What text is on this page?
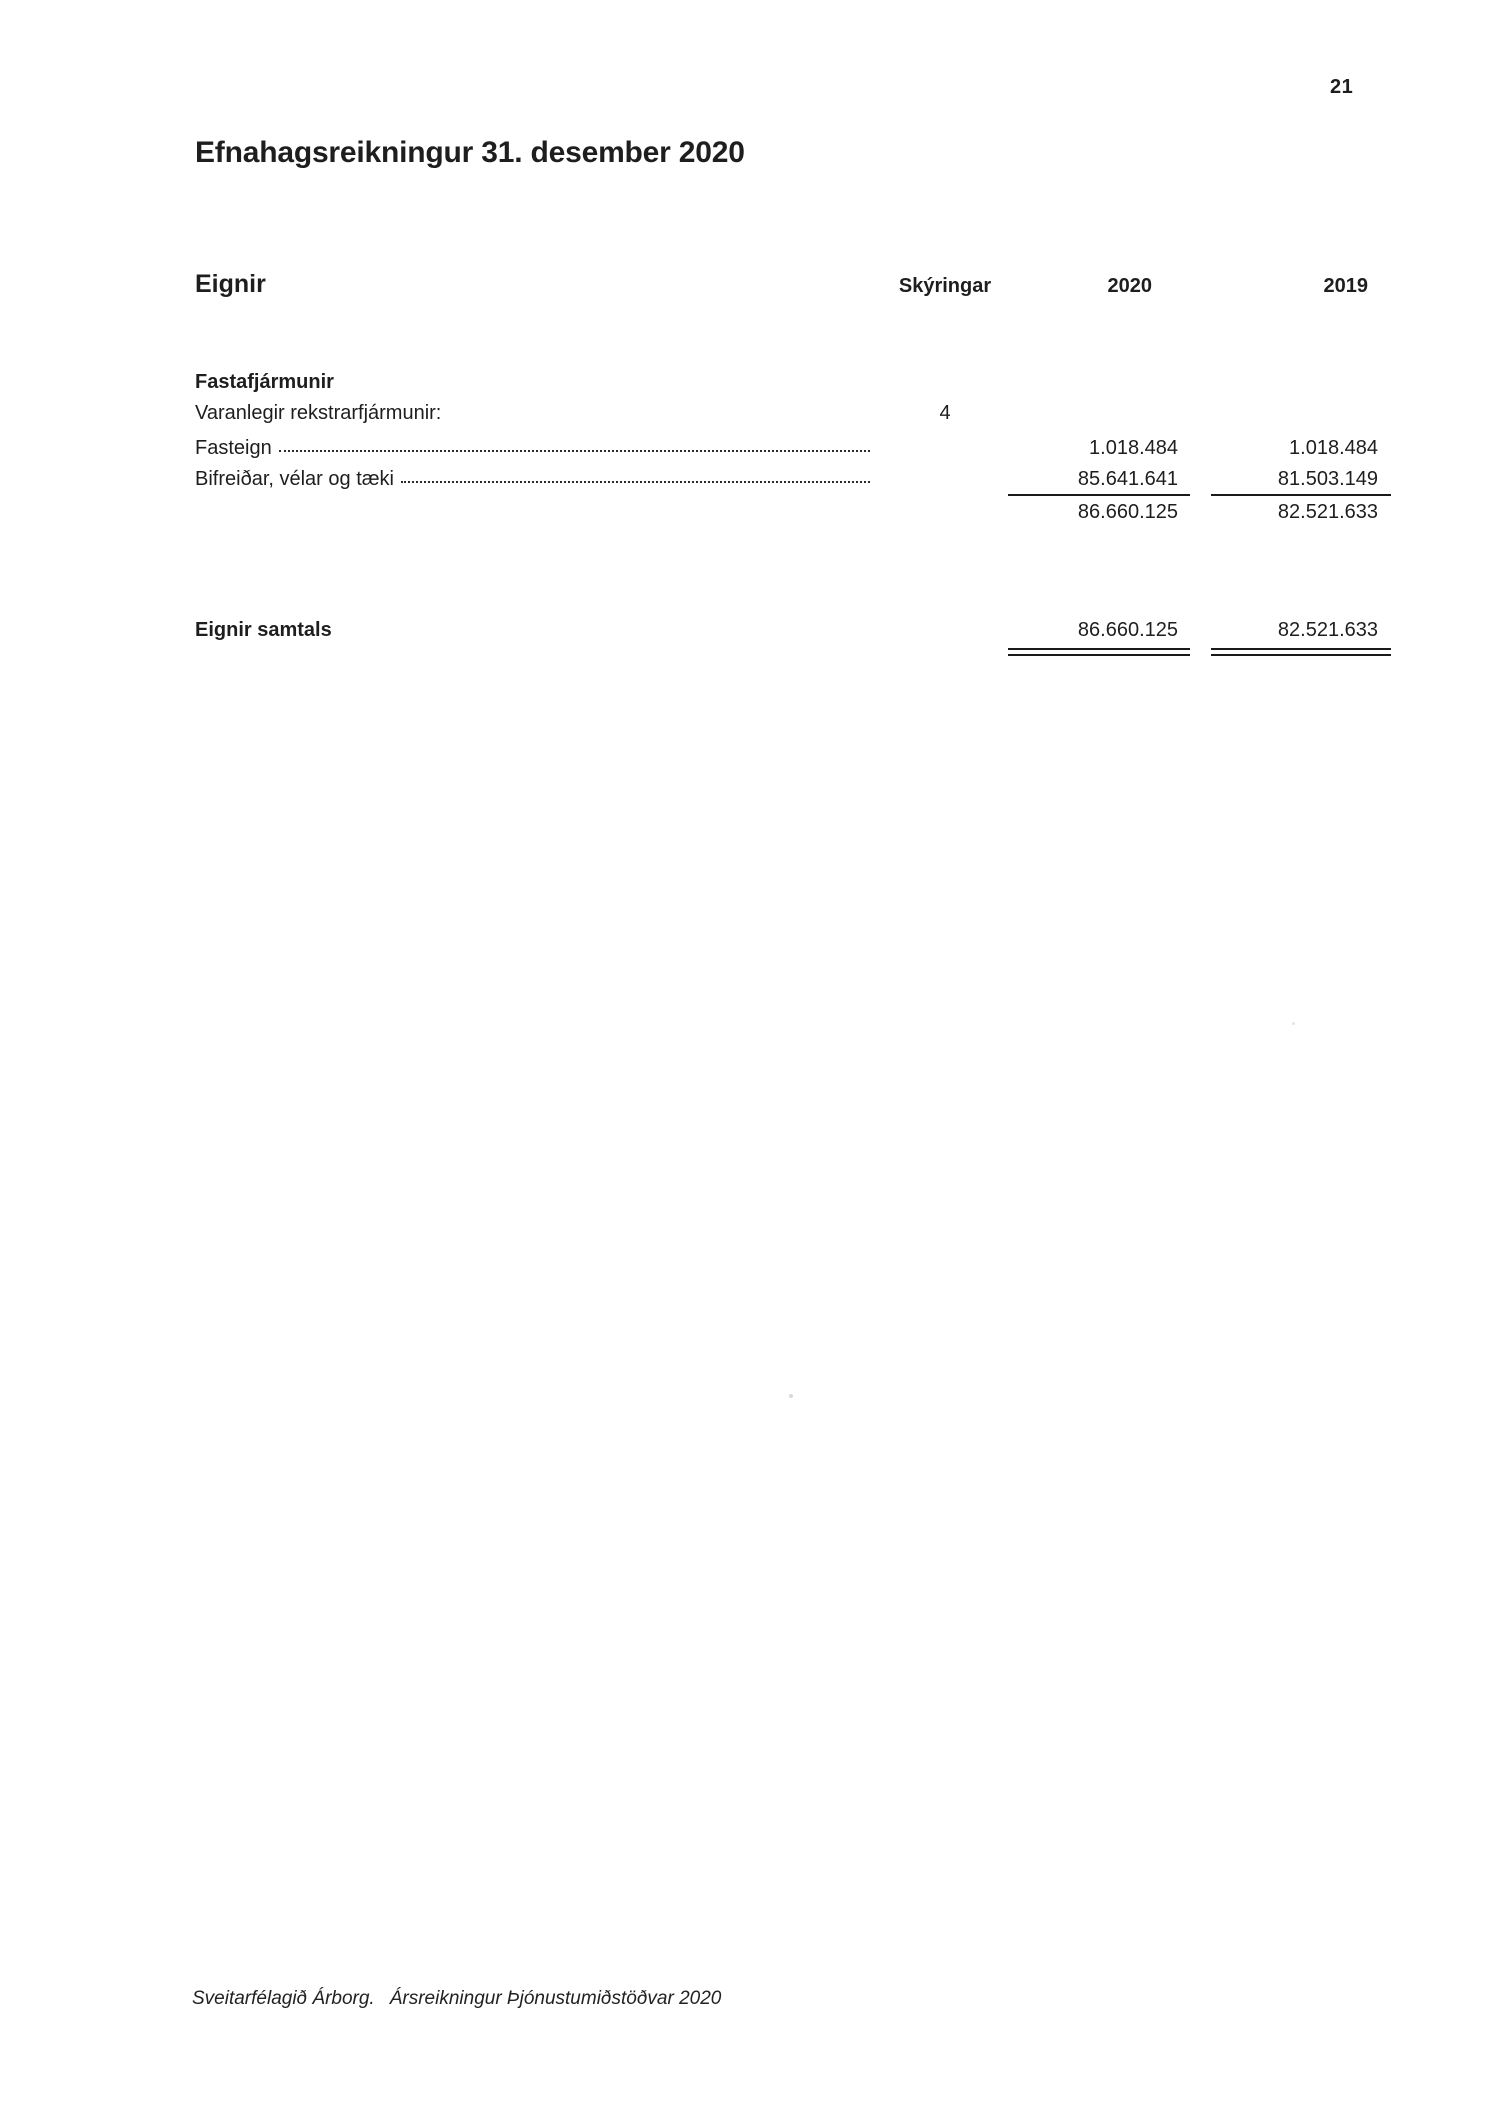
21
Efnahagsreikningur 31. desember 2020
Eignir	Skýringar	2020	2019
Fastafjármunir
Varanlegir rekstrarfjármunir:	4
Fasteign	1.018.484	1.018.484
Bifreiðar, vélar og tæki	85.641.641	81.503.149
86.660.125	82.521.633
Eignir samtals	86.660.125	82.521.633
Sveitarfélagið Árborg. Ársreikningur Þjónustumiðstöðvar 2020
